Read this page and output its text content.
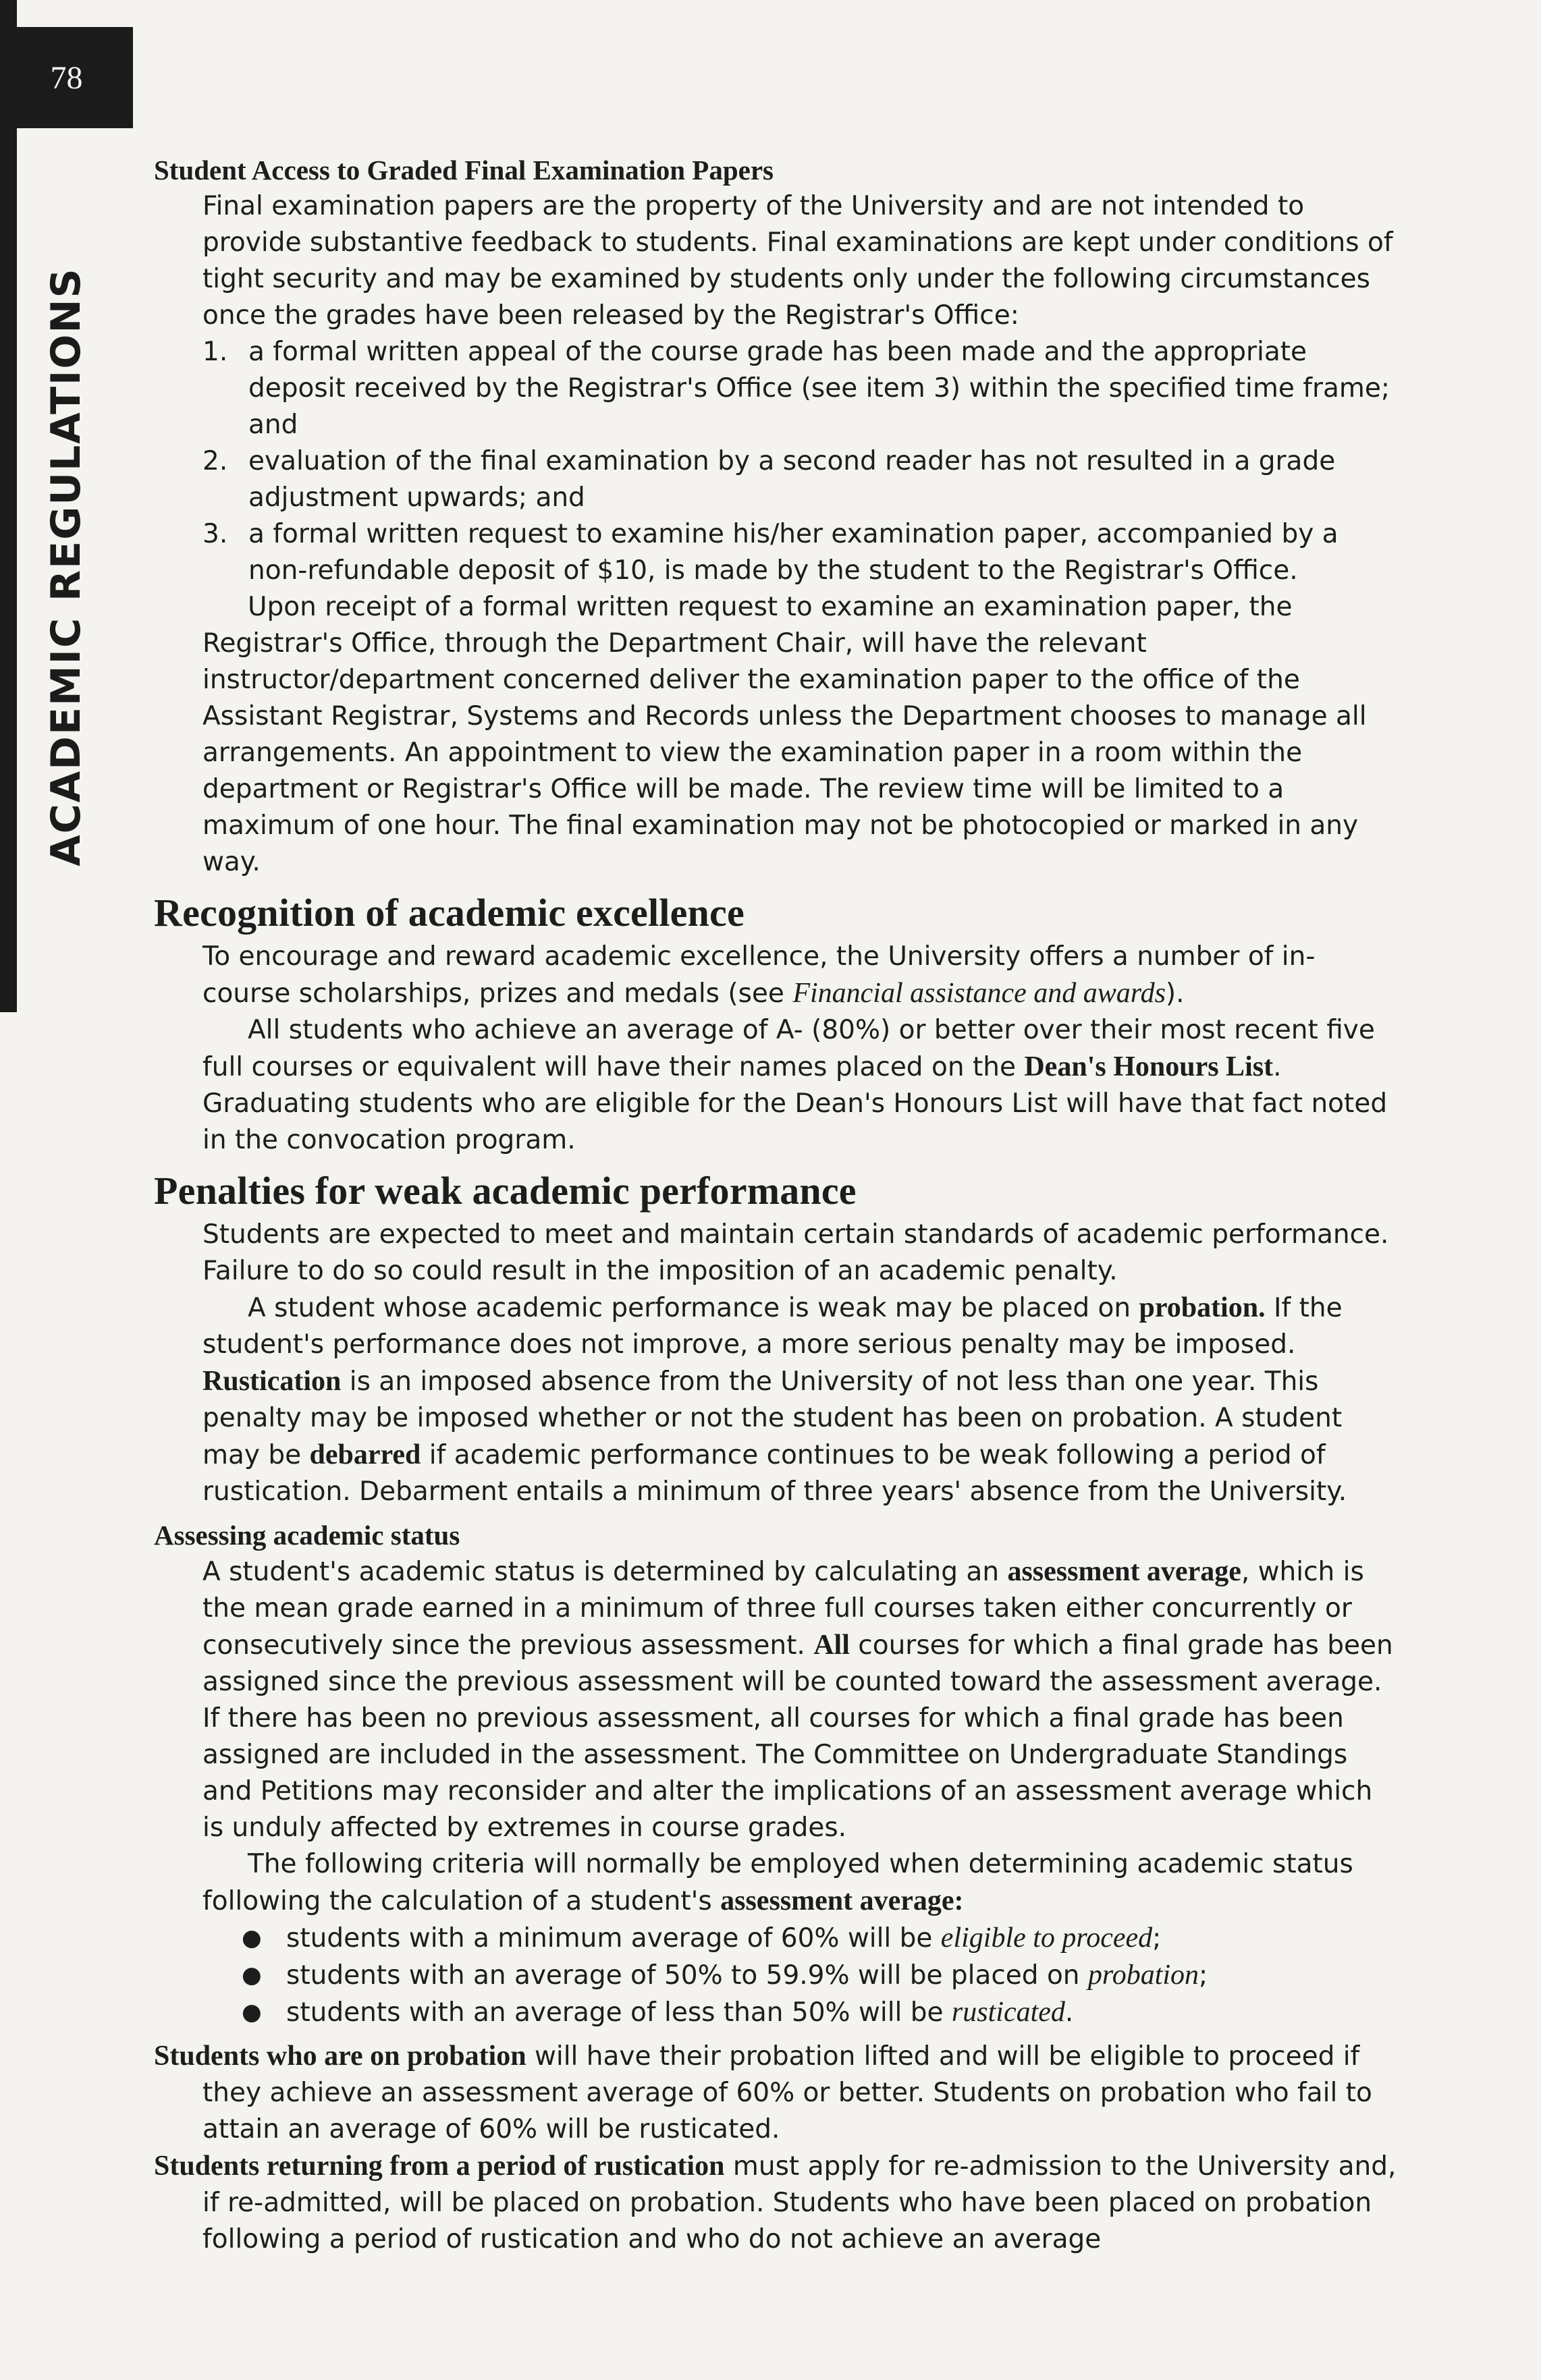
78
ACADEMIC REGULATIONS
Student Access to Graded Final Examination Papers

Final examination papers are the property of the University and are not intended to provide substantive feedback to students. Final examinations are kept under conditions of tight security and may be examined by students only under the following circumstances once the grades have been released by the Registrar's Office:

1. a formal written appeal of the course grade has been made and the appropriate deposit received by the Registrar's Office (see item 3) within the specified time frame; and
2. evaluation of the final examination by a second reader has not resulted in a grade adjustment upwards; and
3. a formal written request to examine his/her examination paper, accompanied by a non-refundable deposit of $10, is made by the student to the Registrar's Office.

Upon receipt of a formal written request to examine an examination paper, the Registrar's Office, through the Department Chair, will have the relevant instructor/department concerned deliver the examination paper to the office of the Assistant Registrar, Systems and Records unless the Department chooses to manage all arrangements. An appointment to view the examination paper in a room within the department or Registrar's Office will be made. The review time will be limited to a maximum of one hour. The final examination may not be photocopied or marked in any way.

Recognition of academic excellence

To encourage and reward academic excellence, the University offers a number of in-course scholarships, prizes and medals (see Financial assistance and awards).

All students who achieve an average of A- (80%) or better over their most recent five full courses or equivalent will have their names placed on the Dean's Honours List. Graduating students who are eligible for the Dean's Honours List will have that fact noted in the convocation program.

Penalties for weak academic performance

Students are expected to meet and maintain certain standards of academic performance. Failure to do so could result in the imposition of an academic penalty.

A student whose academic performance is weak may be placed on probation. If the student's performance does not improve, a more serious penalty may be imposed. Rustication is an imposed absence from the University of not less than one year. This penalty may be imposed whether or not the student has been on probation. A student may be debarred if academic performance continues to be weak following a period of rustication. Debarment entails a minimum of three years' absence from the University.

Assessing academic status

A student's academic status is determined by calculating an assessment average, which is the mean grade earned in a minimum of three full courses taken either concurrently or consecutively since the previous assessment. All courses for which a final grade has been assigned since the previous assessment will be counted toward the assessment average. If there has been no previous assessment, all courses for which a final grade has been assigned are included in the assessment. The Committee on Undergraduate Standings and Petitions may reconsider and alter the implications of an assessment average which is unduly affected by extremes in course grades.

The following criteria will normally be employed when determining academic status following the calculation of a student's assessment average:

● students with a minimum average of 60% will be eligible to proceed;
● students with an average of 50% to 59.9% will be placed on probation;
● students with an average of less than 50% will be rusticated.

Students who are on probation will have their probation lifted and will be eligible to proceed if they achieve an assessment average of 60% or better. Students on probation who fail to attain an average of 60% will be rusticated.

Students returning from a period of rustication must apply for re-admission to the University and, if re-admitted, will be placed on probation. Students who have been placed on probation following a period of rustication and who do not achieve an average
